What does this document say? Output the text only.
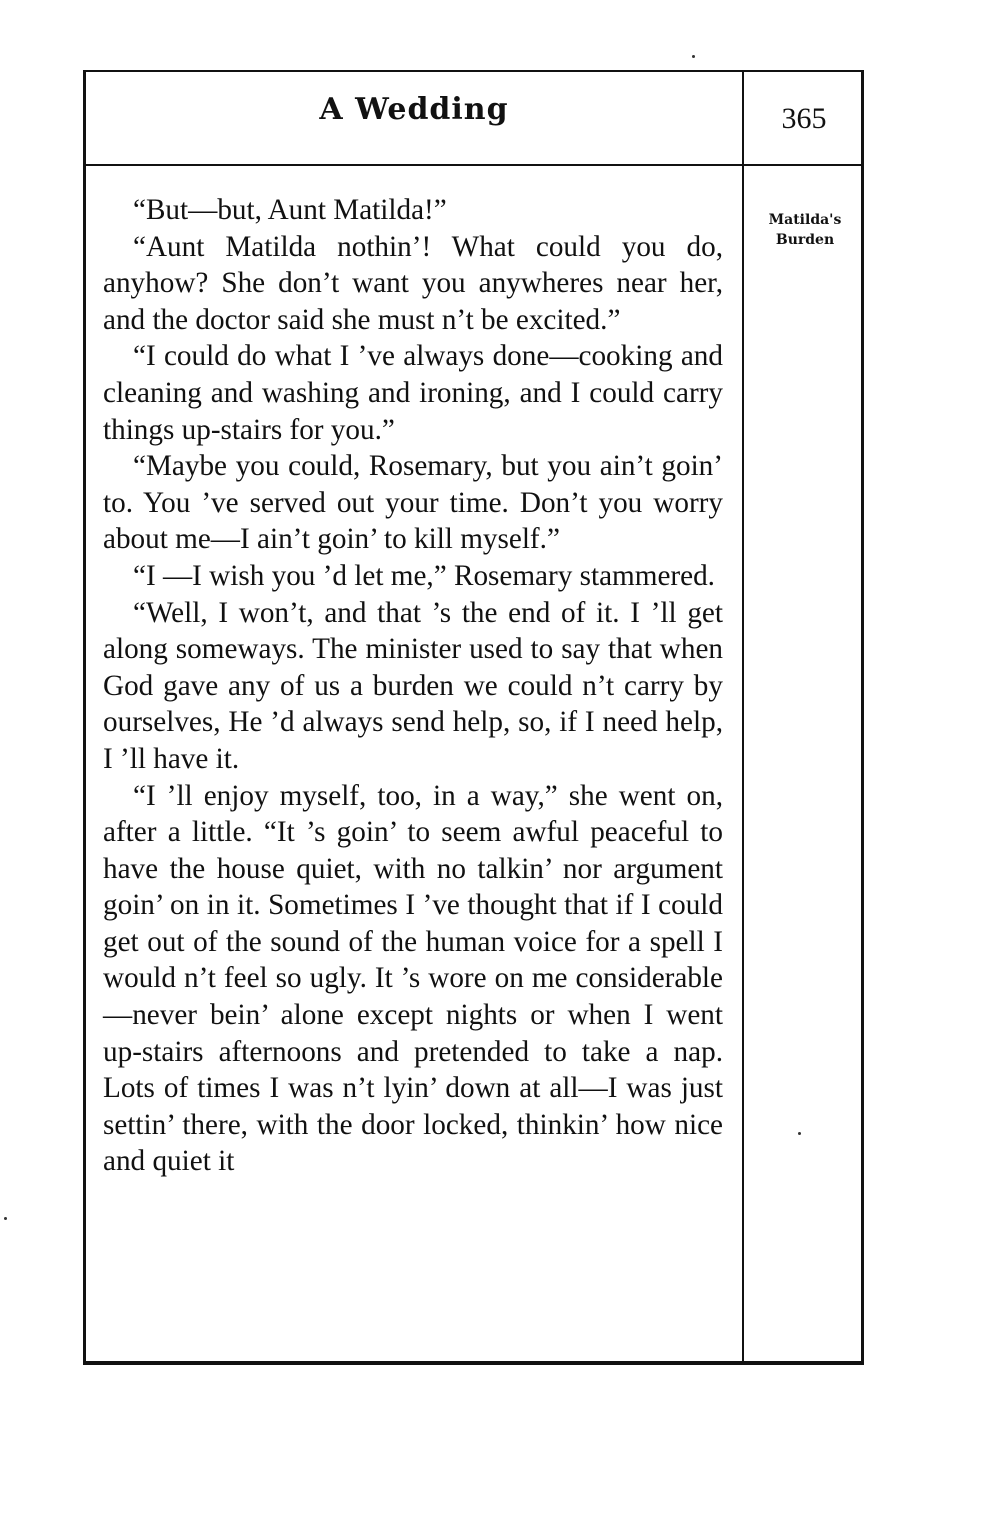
A Wedding	365
Matilda's
Burden

“But—but, Aunt Matilda!”

“Aunt Matilda nothin’! What could you do, anyhow? She don’t want you anywheres near her, and the doctor said she must n’t be excited.”

“I could do what I ’ve always done—cooking and cleaning and washing and ironing, and I could carry things up-stairs for you.”

“Maybe you could, Rosemary, but you ain’t goin’ to. You ’ve served out your time. Don’t you worry about me—I ain’t goin’ to kill myself.”

“I —I wish you ’d let me,” Rosemary stammered.

“Well, I won’t, and that ’s the end of it. I ’ll get along someways. The minister used to say that when God gave any of us a burden we could n’t carry by ourselves, He ’d always send help, so, if I need help, I ’ll have it.

“I ’ll enjoy myself, too, in a way,” she went on, after a little. “It ’s goin’ to seem awful peaceful to have the house quiet, with no talkin’ nor argument goin’ on in it. Sometimes I ’ve thought that if I could get out of the sound of the human voice for a spell I would n’t feel so ugly. It ’s wore on me considerable—never bein’ alone except nights or when I went up-stairs afternoons and pretended to take a nap. Lots of times I was n’t lyin’ down at all—I was just settin’ there, with the door locked, thinkin’ how nice and quiet it
